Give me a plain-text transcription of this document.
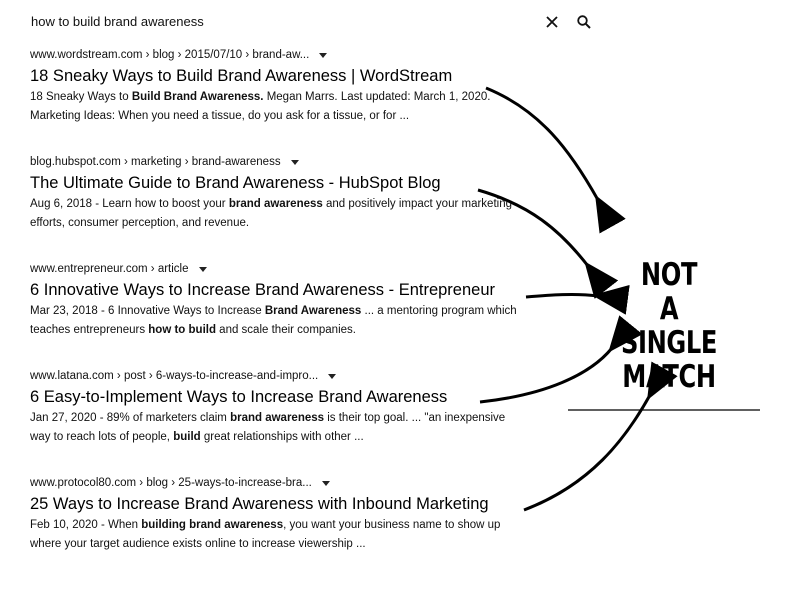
how to build brand awareness
www.wordstream.com › blog › 2015/07/10 › brand-aw...
18 Sneaky Ways to Build Brand Awareness | WordStream
18 Sneaky Ways to Build Brand Awareness. Megan Marrs. Last updated: March 1, 2020.
Marketing Ideas: When you need a tissue, do you ask for a tissue, or for ...
blog.hubspot.com › marketing › brand-awareness
The Ultimate Guide to Brand Awareness - HubSpot Blog
Aug 6, 2018 - Learn how to boost your brand awareness and positively impact your marketing
efforts, consumer perception, and revenue.
www.entrepreneur.com › article
6 Innovative Ways to Increase Brand Awareness - Entrepreneur
Mar 23, 2018 - 6 Innovative Ways to Increase Brand Awareness ... a mentoring program which
teaches entrepreneurs how to build and scale their companies.
www.latana.com › post › 6-ways-to-increase-and-impro...
6 Easy-to-Implement Ways to Increase Brand Awareness
Jan 27, 2020 - 89% of marketers claim brand awareness is their top goal. ... "an inexpensive
way to reach lots of people, build great relationships with other ...
www.protocol80.com › blog › 25-ways-to-increase-bra...
25 Ways to Increase Brand Awareness with Inbound Marketing
Feb 10, 2020 - When building brand awareness, you want your business name to show up
where your target audience exists online to increase viewership ...
NOT
A SINGLE
MATCH
